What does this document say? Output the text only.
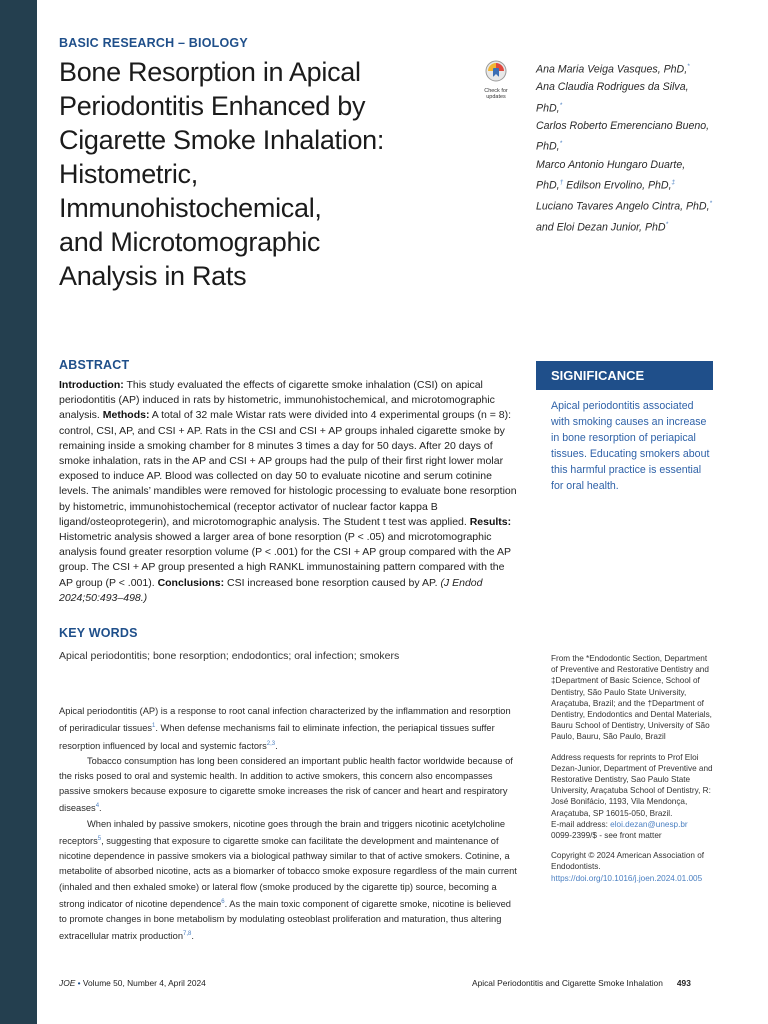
BASIC RESEARCH – BIOLOGY
Bone Resorption in Apical
Periodontitis Enhanced by
Cigarette Smoke Inhalation:
Histometric,
Immunohistochemical,
and Microtomographic
Analysis in Rats
Check for
updates
Ana Maria Veiga Vasques, PhD,*
Ana Claudia Rodrigues da Silva,
PhD,*
Carlos Roberto Emerenciano Bueno,
PhD,*
Marco Antonio Hungaro Duarte,
PhD,† Edilson Ervolino, PhD,‡
Luciano Tavares Angelo Cintra, PhD,*
and Eloi Dezan Junior, PhD*
ABSTRACT
Introduction: This study evaluated the effects of cigarette smoke inhalation (CSI) on apical periodontitis (AP) induced in rats by histometric, immunohistochemical, and microtomographic analysis. Methods: A total of 32 male Wistar rats were divided into 4 experimental groups (n = 8): control, CSI, AP, and CSI + AP. Rats in the CSI and CSI + AP groups inhaled cigarette smoke by remaining inside a smoking chamber for 8 minutes 3 times a day for 50 days. After 20 days of smoke inhalation, rats in the AP and CSI + AP groups had the pulp of their first right lower molar exposed to induce AP. Blood was collected on day 50 to evaluate nicotine and serum cotinine levels. The animals’ mandibles were removed for histologic processing to evaluate bone resorption by histometric, immunohistochemical (receptor activator of nuclear factor kappa B ligand/osteoprotegerin), and microtomographic analysis. The Student t test was applied. Results: Histometric analysis showed a larger area of bone resorption (P < .05) and microtomographic analysis found greater resorption volume (P < .001) for the CSI + AP group compared with the AP group. The CSI + AP group presented a high RANKL immunostaining pattern compared with the AP group (P < .001). Conclusions: CSI increased bone resorption caused by AP. (J Endod 2024;50:493–498.)
SIGNIFICANCE
Apical periodontitis associated with smoking causes an increase in bone resorption of periapical tissues. Educating smokers about this harmful practice is essential for oral health.
KEY WORDS
Apical periodontitis; bone resorption; endodontics; oral infection; smokers

Apical periodontitis (AP) is a response to root canal infection characterized by the inflammation and resorption of periradicular tissues$^1$. When defense mechanisms fail to eliminate infection, the periapical tissues suffer resorption influenced by local and systemic factors$^{2,3}$.

Tobacco consumption has long been considered an important public health factor worldwide because of the risks posed to oral and systemic health. In addition to active smokers, this concern also encompasses passive smokers because exposure to cigarette smoke increases the risk of cancer and heart and respiratory diseases$^4$.

When inhaled by passive smokers, nicotine goes through the brain and triggers nicotinic acetylcholine receptors$^5$, suggesting that exposure to cigarette smoke can facilitate the development and maintenance of nicotine dependence in passive smokers via a biological pathway similar to that of active smokers. Cotinine, a metabolite of absorbed nicotine, acts as a biomarker of tobacco smoke exposure regardless of the main current (inhaled and then exhaled smoke) or lateral flow (smoke produced by the cigarette tip) source, becoming a strong indicator of nicotine dependence$^6$. As the main toxic component of cigarette smoke, nicotine is believed to promote changes in bone metabolism by modulating osteoblast proliferation and maturation, thus altering extracellular matrix production$^{7,8}$.

From the *Endodontic Section, Department of Preventive and Restorative Dentistry and ‡Department of Basic Science, School of Dentistry, São Paulo State University, Araçatuba, Brazil; and the †Department of Dentistry, Endodontics and Dental Materials, Bauru School of Dentistry, University of São Paulo, Bauru, São Paulo, Brazil

Address requests for reprints to Prof Eloi Dezan-Junior, Department of Preventive and Restorative Dentistry, Sao Paulo State University, Araçatuba School of Dentistry, R: José Bonifácio, 1193, Vila Mendonça, Araçatuba, SP 16015-050, Brazil.
E-mail address: eloi.dezan@unesp.br
0099-2399/$ - see front matter

Copyright © 2024 American Association of Endodontists.
https://doi.org/10.1016/j.joen.2024.01.005

JOE • Volume 50, Number 4, April 2024	Apical Periodontitis and Cigarette Smoke Inhalation 493
